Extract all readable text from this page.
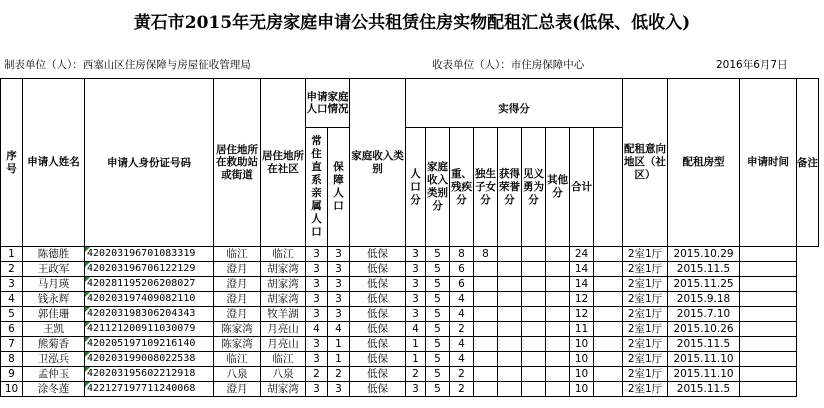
黄石市2015年无房家庭申请公共租赁住房实物配租汇总表(低保、低收入)
制表单位（人）：西塞山区住房保障与房屋征收管理局	收表单位（人）：市住房保障中心	2016年6月7日
序号	申请人姓名	申请人身份证号码	居住地所在救助站或街道	居住地所在社区	申请家庭人口情况		家庭收入类别										配租意向地区（社区）	配租房型	申请时间	备注
								实得分												
					常住直系亲属人口	保障人口		人口分	家庭收入类别分	重、残疾分	独生子女分	获得荣誉分	见义勇为分	其他分	合计					
1	陈德胜	420203196701083319	临江	临江	3	3	低保	3	5	8	8				24		2室1厅	2015.10.29		
2	王政军	420203196706122129	澄月	胡家湾	3	3	低保	3	5	6					14		2室1厅	2015.11.5		
3	马月瑛	420281195206208027	澄月	胡家湾	3	3	低保	3	5	6					14		2室1厅	2015.11.25		
4	钱永辉	420203197409082110	澄月	胡家湾	3	3	低保	3	5	4					12		2室1厅	2015.9.18		
5	郭佳珊	420203198306204343	澄月	牧羊湖	3	3	低保	3	5	4					12		2室1厅	2015.7.10		
6	王凯	421121200911030079	陈家湾	月亮山	4	4	低保	4	5	2					11		2室1厅	2015.10.26		
7	熊菊香	420205197109216140	陈家湾	月亮山	3	1	低保	1	5	4					10		2室1厅	2015.11.5		
8	卫泓兵	420203199008022538	临江	临江	3	1	低保	1	5	4					10		2室1厅	2015.11.10		
9	孟仲玉	420203195602212918	八泉	八泉	2	2	低保	2	5	2					10		2室1厅	2015.11.10		
10	涂冬莲	422127197711240068	澄月	胡家湾	3	3	低保	3	5	2					10		2室1厅	2015.11.5		
